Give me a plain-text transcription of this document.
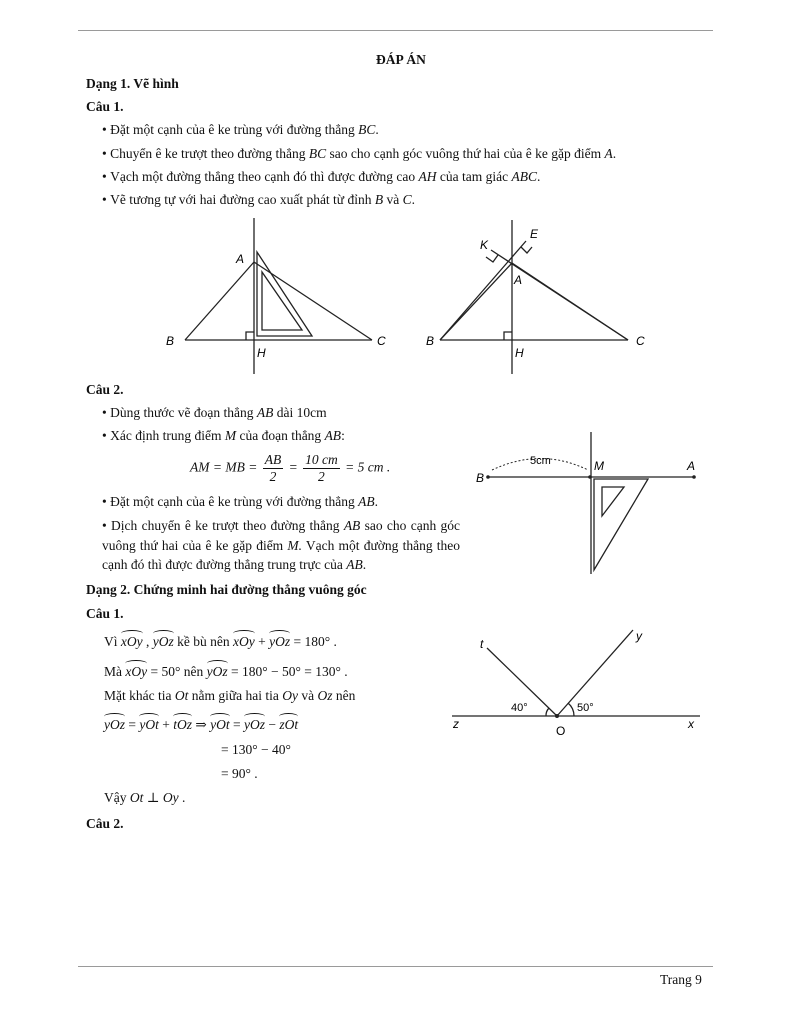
ĐÁP ÁN
Dạng 1. Vẽ hình
Câu 1.
• Đặt một cạnh của ê ke trùng với đường thẳng BC.
• Chuyển ê ke trượt theo đường thẳng BC sao cho cạnh góc vuông thứ hai của ê ke gặp điểm A.
• Vạch một đường thẳng theo cạnh đó thì được đường cao AH của tam giác ABC.
• Vẽ tương tự với hai đường cao xuất phát từ đỉnh B và C.
A
B	C
H
K
E
A
B	C
H
Câu 2.
• Dùng thước vẽ đoạn thẳng AB dài 10cm
• Xác định trung điểm M của đoạn thẳng AB:
AM = MB = $\frac{AB}{2} = \frac{10 cm}{2} = 5$ cm .
• Đặt một cạnh của ê ke trùng với đường thẳng AB.
• Dịch chuyển ê ke trượt theo đường thẳng AB sao cho cạnh góc vuông thứ hai của ê ke gặp điểm M. Vạch một đường thẳng theo cạnh đó thì được đường thẳng trung trực của AB.
B
M	A
5cm
Dạng 2. Chứng minh hai đường thẳng vuông góc
Câu 1.
Vì xOy , yOz kề bù nên xOy + yOz = 180° .
Mà xOy = 50° nên yOz = 180° − 50° = 130° .
Mặt khác tia Ot nằm giữa hai tia Oy và Oz nên
yOz = yOt + tOz ⇒ yOt = yOz − zOt
= 130° − 40°
= 90° .
Vậy Ot ⊥ Oy .
t
y
z	x
O
40°	50°
Câu 2.
Trang 9
